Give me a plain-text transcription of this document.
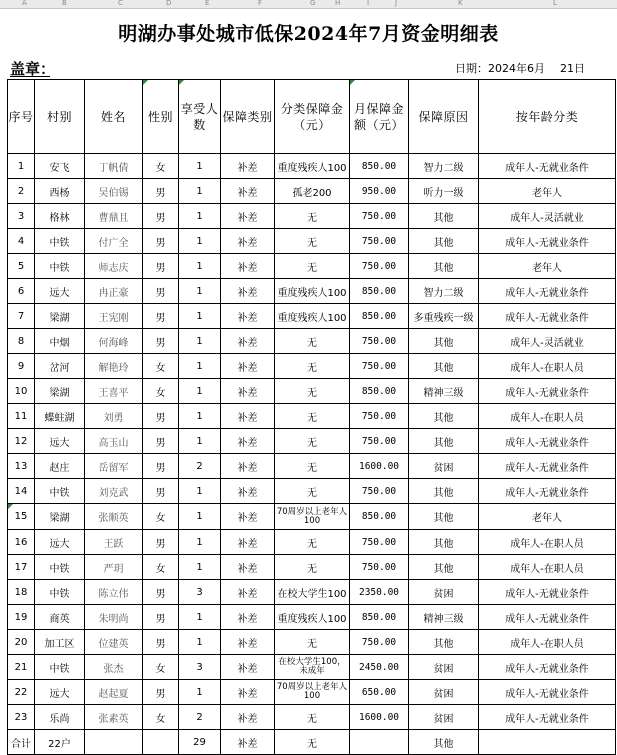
A	B	C	D	E	F	G	H	I	J	K	L
明湖办事处城市低保2024年7月资金明细表
盖章：	日期：2024年6月 21日
序号	村别	姓名	性别	享受人数	保障类别	分类保障金（元）	月保障金额（元）	保障原因	按年龄分类
1	安飞	丁帆倩	女	1	补差	重度残疾人100	850.00	智力二级	成年人-无就业条件
2	西杨	吴伯锡	男	1	补差	孤老200	950.00	听力一级	老年人
3	格林	曹鼎且	男	1	补差	无	750.00	其他	成年人-灵活就业
4	中铁	付广全	男	1	补差	无	750.00	其他	成年人-无就业条件
5	中铁	师志庆	男	1	补差	无	750.00	其他	老年人
6	远大	冉正豪	男	1	补差	重度残疾人100	850.00	智力二级	成年人-无就业条件
7	梁湖	王宪刚	男	1	补差	重度残疾人100	850.00	多重残疾一级	成年人-无就业条件
8	中烟	何海峰	男	1	补差	无	750.00	其他	成年人-灵活就业
9	岔河	解艳玲	女	1	补差	无	750.00	其他	成年人-在职人员
10	梁湖	王喜平	女	1	补差	无	850.00	精神三级	成年人-无就业条件
11	蝶蛀湖	刘勇	男	1	补差	无	750.00	其他	成年人-在职人员
12	远大	高玉山	男	1	补差	无	750.00	其他	成年人-无就业条件
13	赵庄	岳留军	男	2	补差	无	1600.00	贫困	成年人-无就业条件
14	中铁	刘克武	男	1	补差	无	750.00	其他	成年人-无就业条件
15	梁湖	张顺英	女	1	补差	70周岁以上老年人100	850.00	其他	老年人
16	远大	王跃	男	1	补差	无	750.00	其他	成年人-在职人员
17	中铁	严玥	女	1	补差	无	750.00	其他	成年人-在职人员
18	中铁	陈立伟	男	3	补差	在校大学生100	2350.00	贫困	成年人-无就业条件
19	商英	朱明尚	男	1	补差	重度残疾人100	850.00	精神三级	成年人-无就业条件
20	加工区	位建英	男	1	补差	无	750.00	其他	成年人-在职人员
21	中铁	张杰	女	3	补差	在校大学生100，未成年	2450.00	贫困	成年人-无就业条件
22	远大	赵起夏	男	1	补差	70周岁以上老年人100	650.00	贫困	成年人-无就业条件
23	乐尚	张素英	女	2	补差	无	1600.00	贫困	成年人-无就业条件
合计	22户			29	补差	无		其他	
